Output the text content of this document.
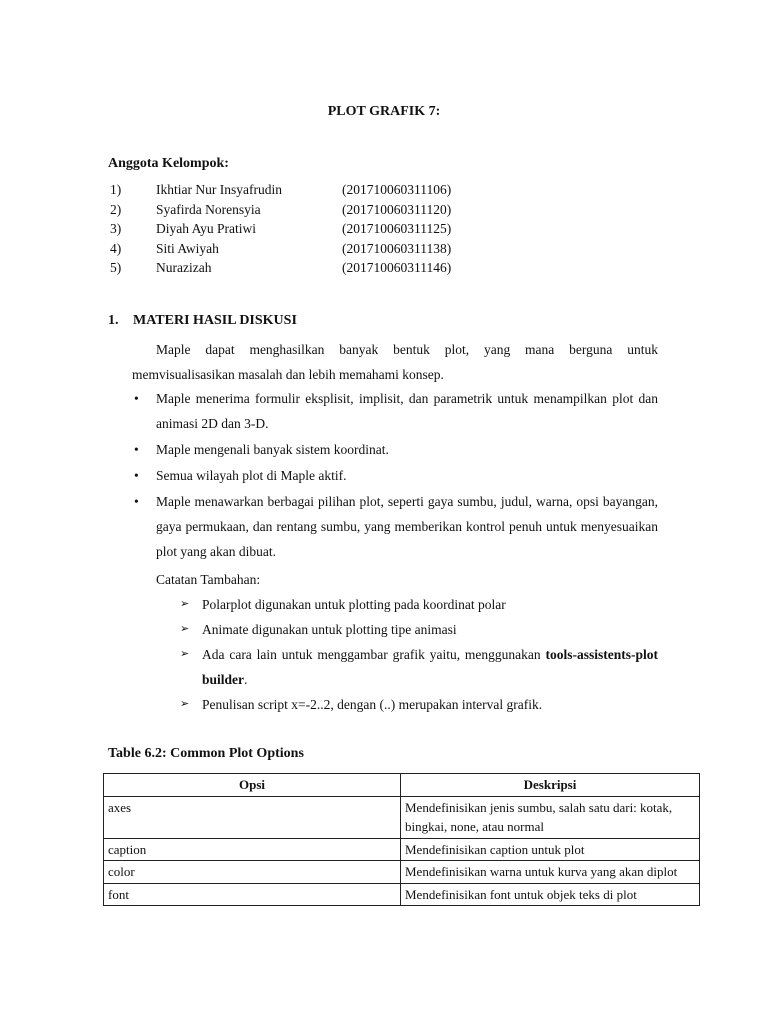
PLOT GRAFIK 7:
Anggota Kelompok:
1)	Ikhtiar Nur Insyafrudin	(201710060311106)
2)	Syafirda Norensyia	(201710060311120)
3)	Diyah Ayu Pratiwi	(201710060311125)
4)	Siti Awiyah	(201710060311138)
5)	Nurazizah	(201710060311146)
1. MATERI HASIL DISKUSI
Maple dapat menghasilkan banyak bentuk plot, yang mana berguna untuk memvisualisasikan masalah dan lebih memahami konsep.
• Maple menerima formulir eksplisit, implisit, dan parametrik untuk menampilkan plot dan animasi 2D dan 3-D.
• Maple mengenali banyak sistem koordinat.
• Semua wilayah plot di Maple aktif.
• Maple menawarkan berbagai pilihan plot, seperti gaya sumbu, judul, warna, opsi bayangan, gaya permukaan, dan rentang sumbu, yang memberikan kontrol penuh untuk menyesuaikan plot yang akan dibuat.
Catatan Tambahan:
➢ Polarplot digunakan untuk plotting pada koordinat polar
➢ Animate digunakan untuk plotting tipe animasi
➢ Ada cara lain untuk menggambar grafik yaitu, menggunakan tools-assistents-plot builder.
➢ Penulisan script x=-2..2, dengan (..) merupakan interval grafik.
Table 6.2: Common Plot Options
Opsi	Deskripsi
axes	Mendefinisikan jenis sumbu, salah satu dari: kotak, bingkai, none, atau normal
caption	Mendefinisikan caption untuk plot
color	Mendefinisikan warna untuk kurva yang akan diplot
font	Mendefinisikan font untuk objek teks di plot
